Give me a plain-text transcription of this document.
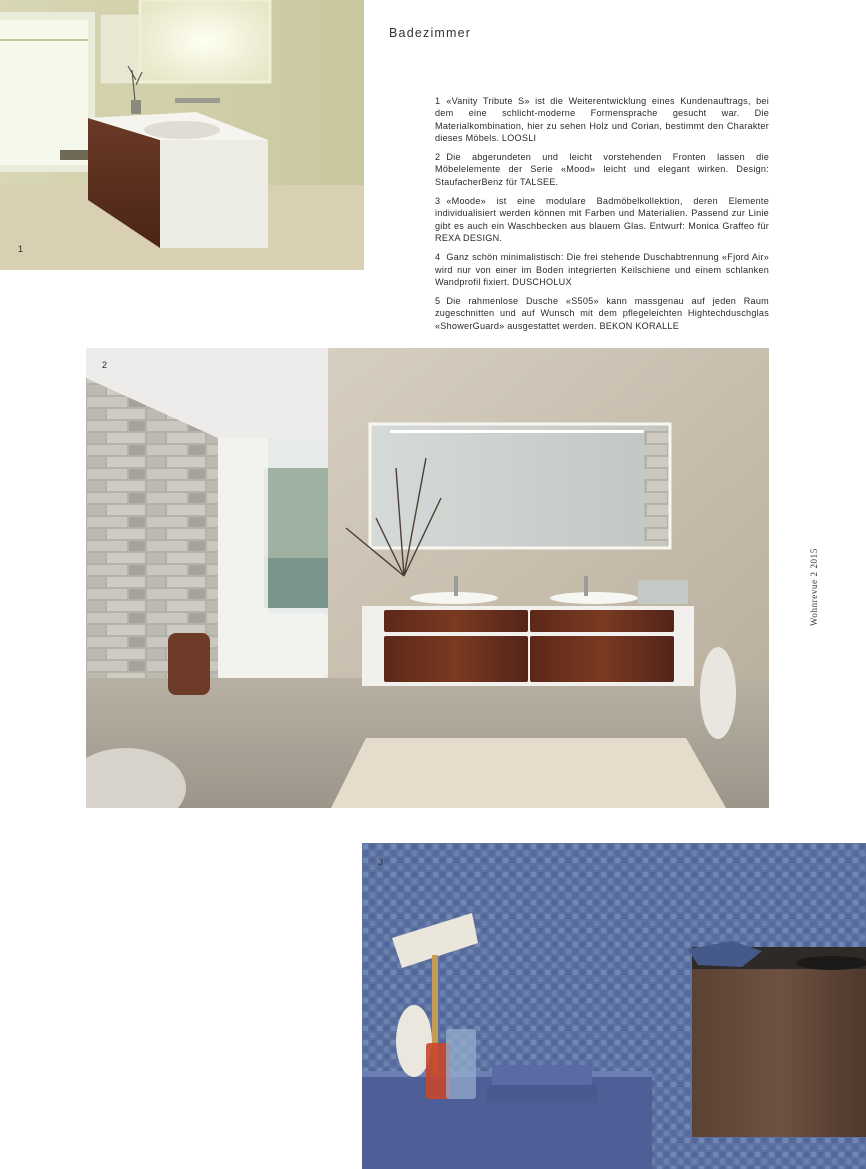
1
Badezimmer

1 «Vanity Tribute S» ist die Weiterentwicklung eines Kundenauftrags, bei dem eine schlicht-moderne Formensprache gesucht war. Die Materialkombination, hier zu sehen Holz und Corian, bestimmt den Charakter dieses Möbels. LOOSLI

2 Die abgerundeten und leicht vorstehenden Fronten lassen die Möbelelemente der Serie «Mood» leicht und elegant wirken. Design: StaufacherBenz für TALSEE.

3 «Moode» ist eine modulare Badmöbelkollektion, deren Elemente individualisiert werden können mit Farben und Materialien. Passend zur Linie gibt es auch ein Waschbecken aus blauem Glas. Entwurf: Monica Graffeo für REXA DESIGN.

4 Ganz schön minimalistisch: Die frei stehende Duschabtrennung «Fjord Air» wird nur von einer im Boden integrierten Keilschiene und einem schlanken Wandprofil fixiert. DUSCHOLUX

5 Die rahmenlose Dusche «S505» kann massgenau auf jeden Raum zugeschnitten und auf Wunsch mit dem pflegeleichten Hightechduschglas «ShowerGuard» ausgestattet werden. BEKON KORALLE

2
Wohnrevue 2 2015
3
